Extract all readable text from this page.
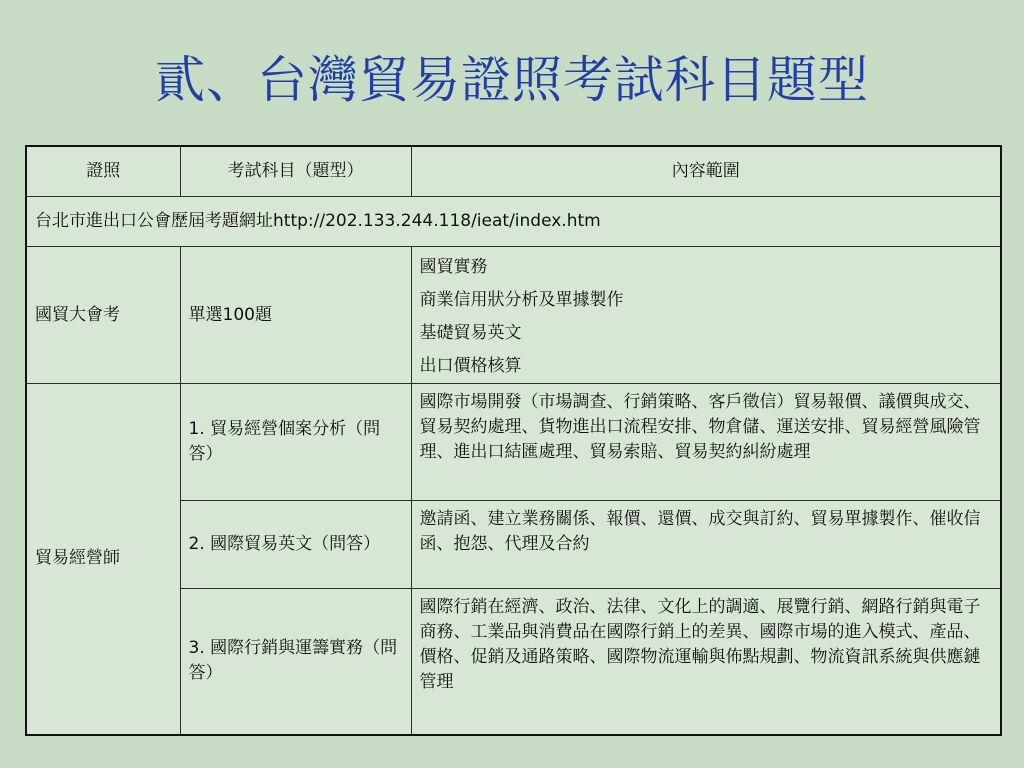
貳、台灣貿易證照考試科目題型
證照	考試科目（題型）	內容範圍
台北市進出口公會歷屆考題網址http://202.133.244.118/ieat/index.htm		
國貿大會考	單選100題	國貿實務
商業信用狀分析及單據製作
基礎貿易英文
出口價格核算

貿易經營師	1. 貿易經營個案分析（問答）	國際市場開發（市場調查、行銷策略、客戶徵信）貿易報價、議價與成交、貿易契約處理、貨物進出口流程安排、物倉儲、運送安排、貿易經營風險管理、進出口結匯處理、貿易索賠、貿易契約糾紛處理
	2. 國際貿易英文（問答）	邀請函、建立業務關係、報價、還價、成交與訂約、貿易單據製作、催收信函、抱怨、代理及合約
	3. 國際行銷與運籌實務（問答）	國際行銷在經濟、政治、法律、文化上的調適、展覽行銷、網路行銷與電子商務、工業品與消費品在國際行銷上的差異、國際市場的進入模式、產品、價格、促銷及通路策略、國際物流運輸與佈點規劃、物流資訊系統與供應鏈管理
